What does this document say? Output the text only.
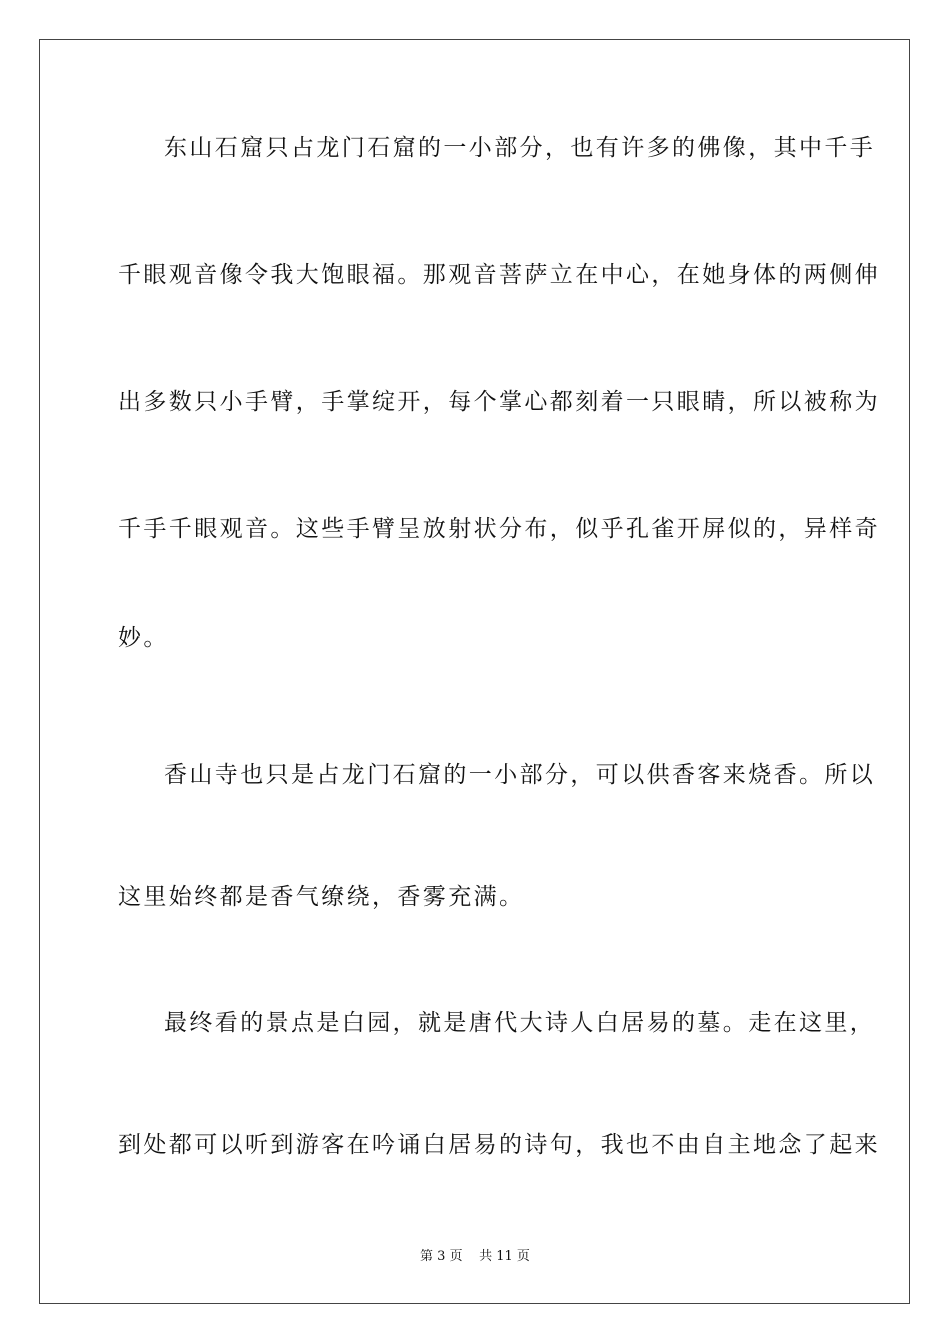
东山石窟只占龙门石窟的一小部分，也有许多的佛像，其中千手
千眼观音像令我大饱眼福。那观音菩萨立在中心，在她身体的两侧伸
出多数只小手臂，手掌绽开，每个掌心都刻着一只眼睛，所以被称为
千手千眼观音。这些手臂呈放射状分布，似乎孔雀开屏似的，异样奇
妙。
香山寺也只是占龙门石窟的一小部分，可以供香客来烧香。所以
这里始终都是香气缭绕，香雾充满。
最终看的景点是白园，就是唐代大诗人白居易的墓。走在这里，
到处都可以听到游客在吟诵白居易的诗句，我也不由自主地念了起来
第 3 页 共 11 页
